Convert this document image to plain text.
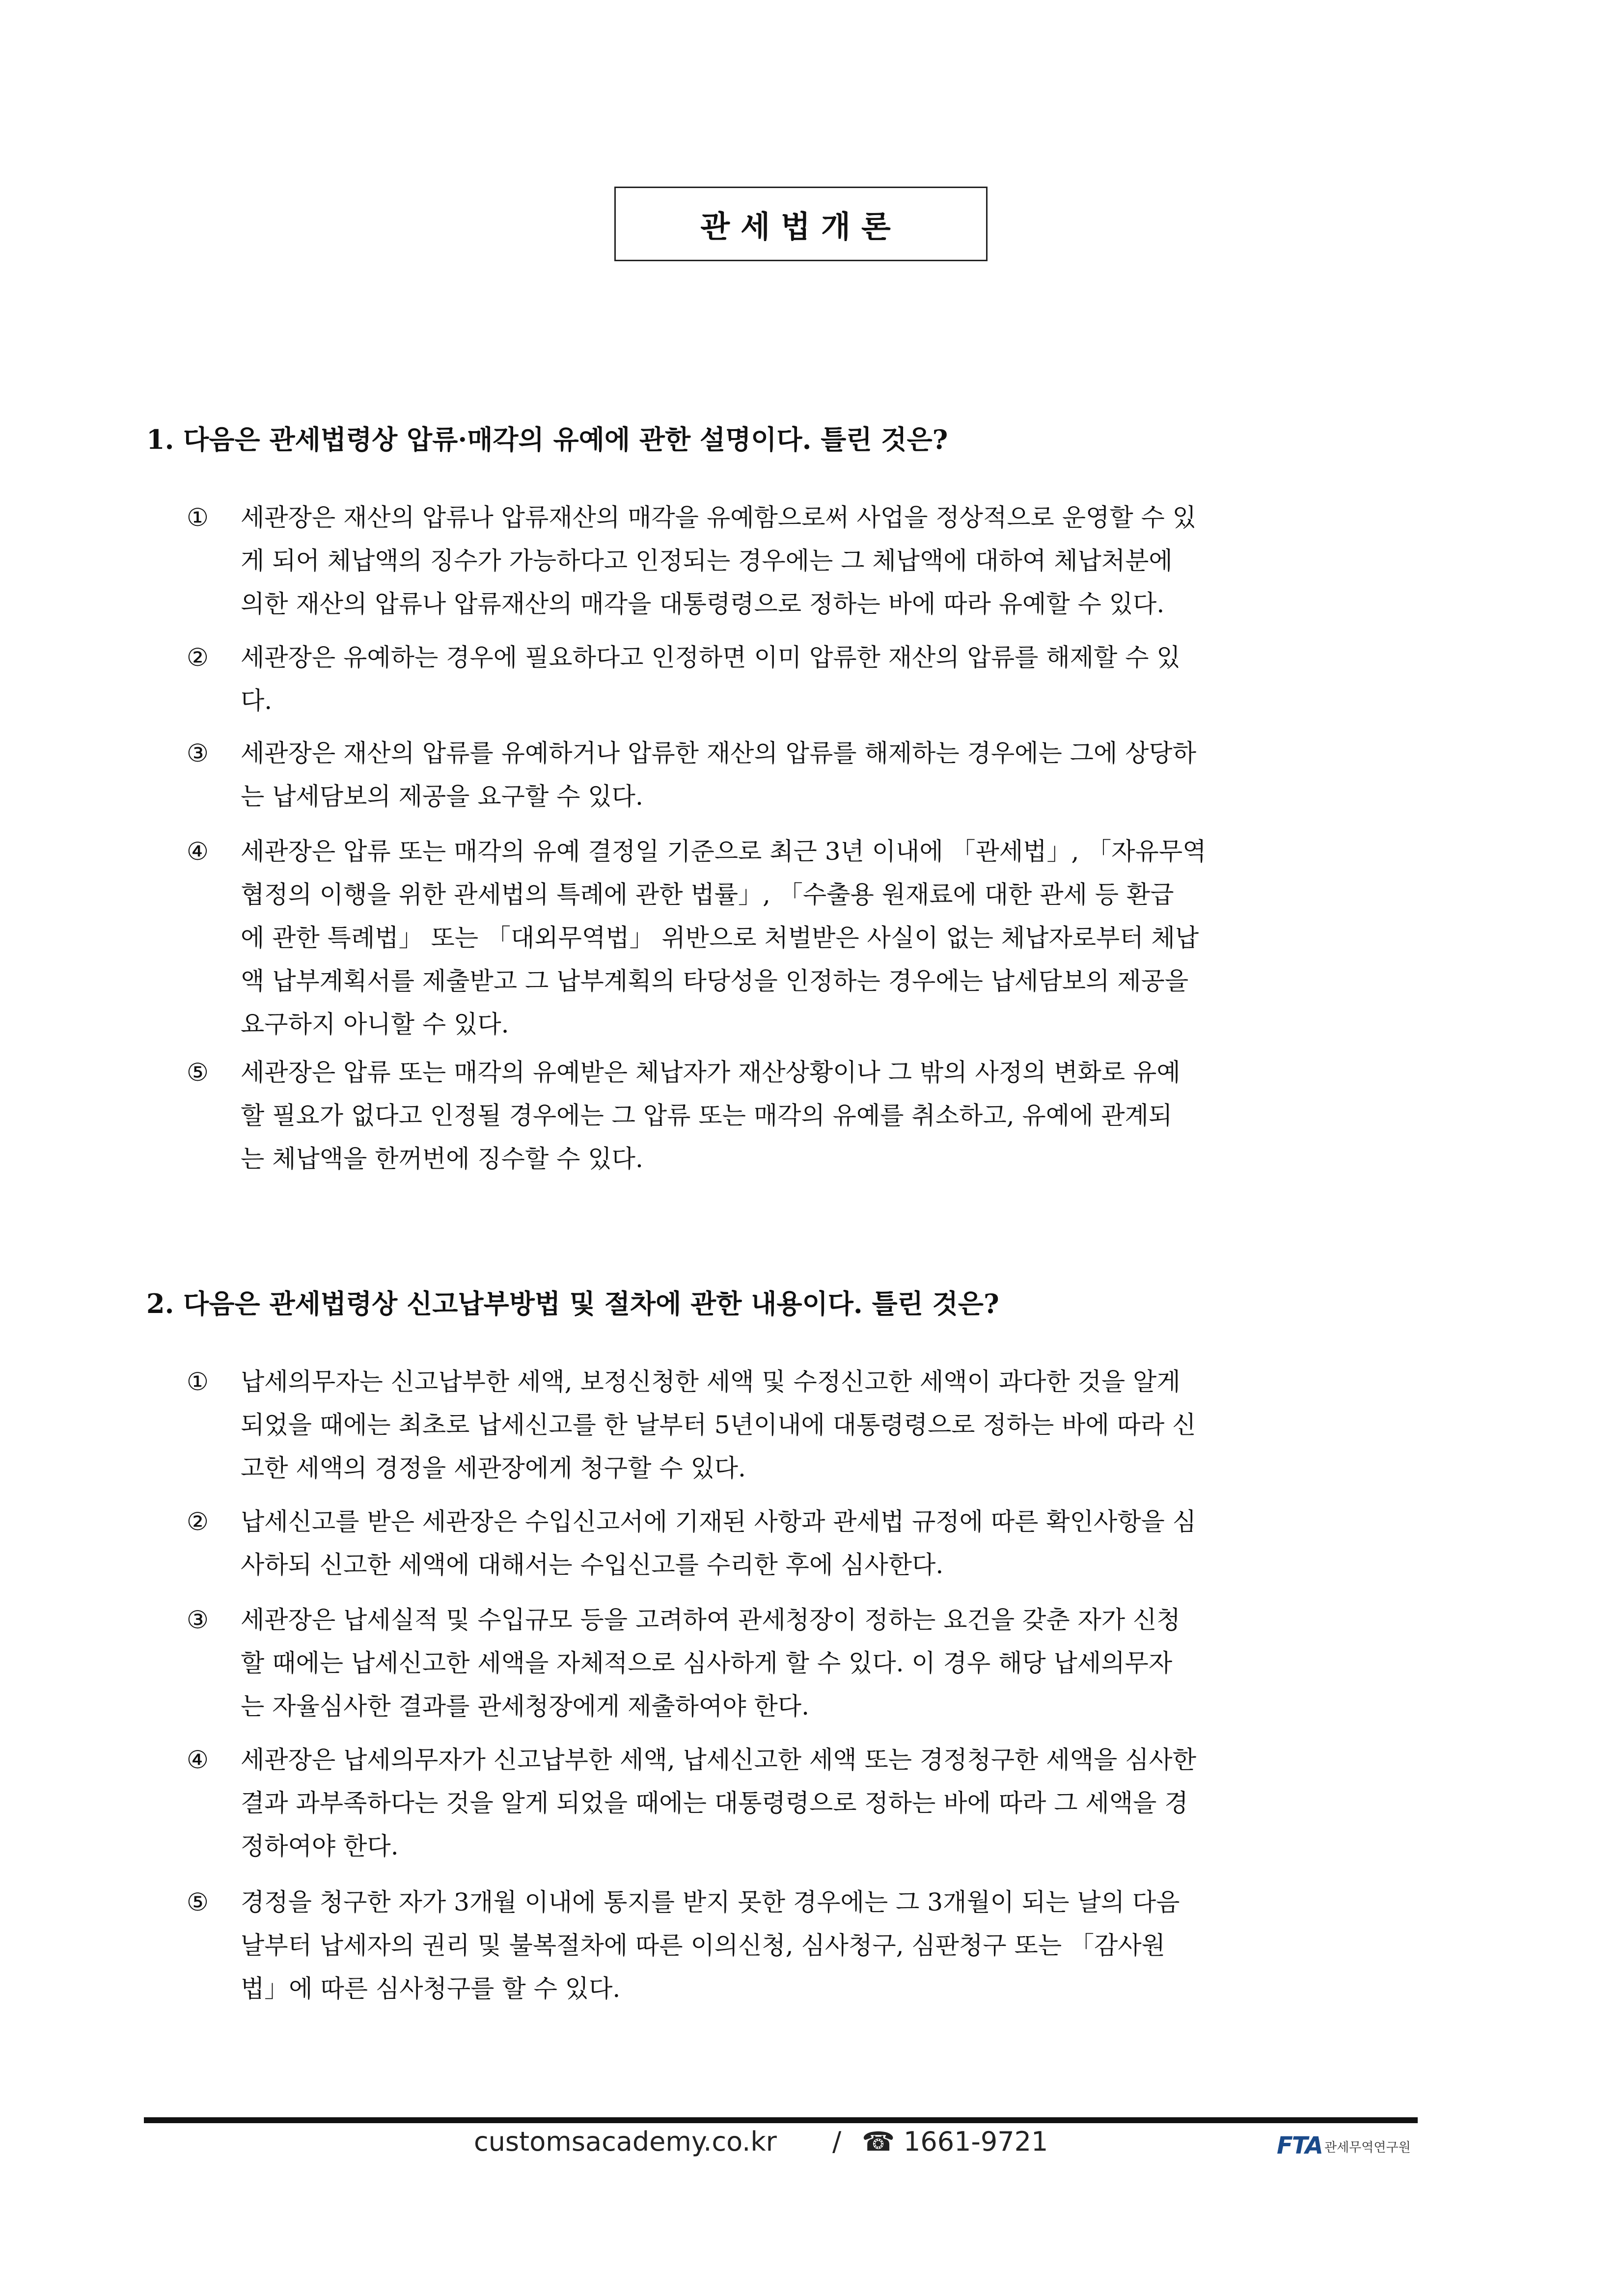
관세법개론
1. 다음은 관세법령상 압류·매각의 유예에 관한 설명이다. 틀린 것은?
①	세관장은 재산의 압류나 압류재산의 매각을 유예함으로써 사업을 정상적으로 운영할 수 있
게 되어 체납액의 징수가 가능하다고 인정되는 경우에는 그 체납액에 대하여 체납처분에
의한 재산의 압류나 압류재산의 매각을 대통령령으로 정하는 바에 따라 유예할 수 있다.
②	세관장은 유예하는 경우에 필요하다고 인정하면 이미 압류한 재산의 압류를 해제할 수 있
다.
③	세관장은 재산의 압류를 유예하거나 압류한 재산의 압류를 해제하는 경우에는 그에 상당하
는 납세담보의 제공을 요구할 수 있다.
④	세관장은 압류 또는 매각의 유예 결정일 기준으로 최근 3년 이내에 「관세법」, 「자유무역
협정의 이행을 위한 관세법의 특례에 관한 법률」, 「수출용 원재료에 대한 관세 등 환급
에 관한 특례법」 또는 「대외무역법」 위반으로 처벌받은 사실이 없는 체납자로부터 체납
액 납부계획서를 제출받고 그 납부계획의 타당성을 인정하는 경우에는 납세담보의 제공을
요구하지 아니할 수 있다.
⑤	세관장은 압류 또는 매각의 유예받은 체납자가 재산상황이나 그 밖의 사정의 변화로 유예
할 필요가 없다고 인정될 경우에는 그 압류 또는 매각의 유예를 취소하고, 유예에 관계되
는 체납액을 한꺼번에 징수할 수 있다.
2. 다음은 관세법령상 신고납부방법 및 절차에 관한 내용이다. 틀린 것은?
①	납세의무자는 신고납부한 세액, 보정신청한 세액 및 수정신고한 세액이 과다한 것을 알게
되었을 때에는 최초로 납세신고를 한 날부터 5년이내에 대통령령으로 정하는 바에 따라 신
고한 세액의 경정을 세관장에게 청구할 수 있다.
②	납세신고를 받은 세관장은 수입신고서에 기재된 사항과 관세법 규정에 따른 확인사항을 심
사하되 신고한 세액에 대해서는 수입신고를 수리한 후에 심사한다.
③	세관장은 납세실적 및 수입규모 등을 고려하여 관세청장이 정하는 요건을 갖춘 자가 신청
할 때에는 납세신고한 세액을 자체적으로 심사하게 할 수 있다. 이 경우 해당 납세의무자
는 자율심사한 결과를 관세청장에게 제출하여야 한다.
④	세관장은 납세의무자가 신고납부한 세액, 납세신고한 세액 또는 경정청구한 세액을 심사한
결과 과부족하다는 것을 알게 되었을 때에는 대통령령으로 정하는 바에 따라 그 세액을 경
정하여야 한다.
⑤	경정을 청구한 자가 3개월 이내에 통지를 받지 못한 경우에는 그 3개월이 되는 날의 다음
날부터 납세자의 권리 및 불복절차에 따른 이의신청, 심사청구, 심판청구 또는 「감사원
법」에 따른 심사청구를 할 수 있다.
customsacademy.co.kr / ☎ 1661-9721	FTA 관세무역연구원
